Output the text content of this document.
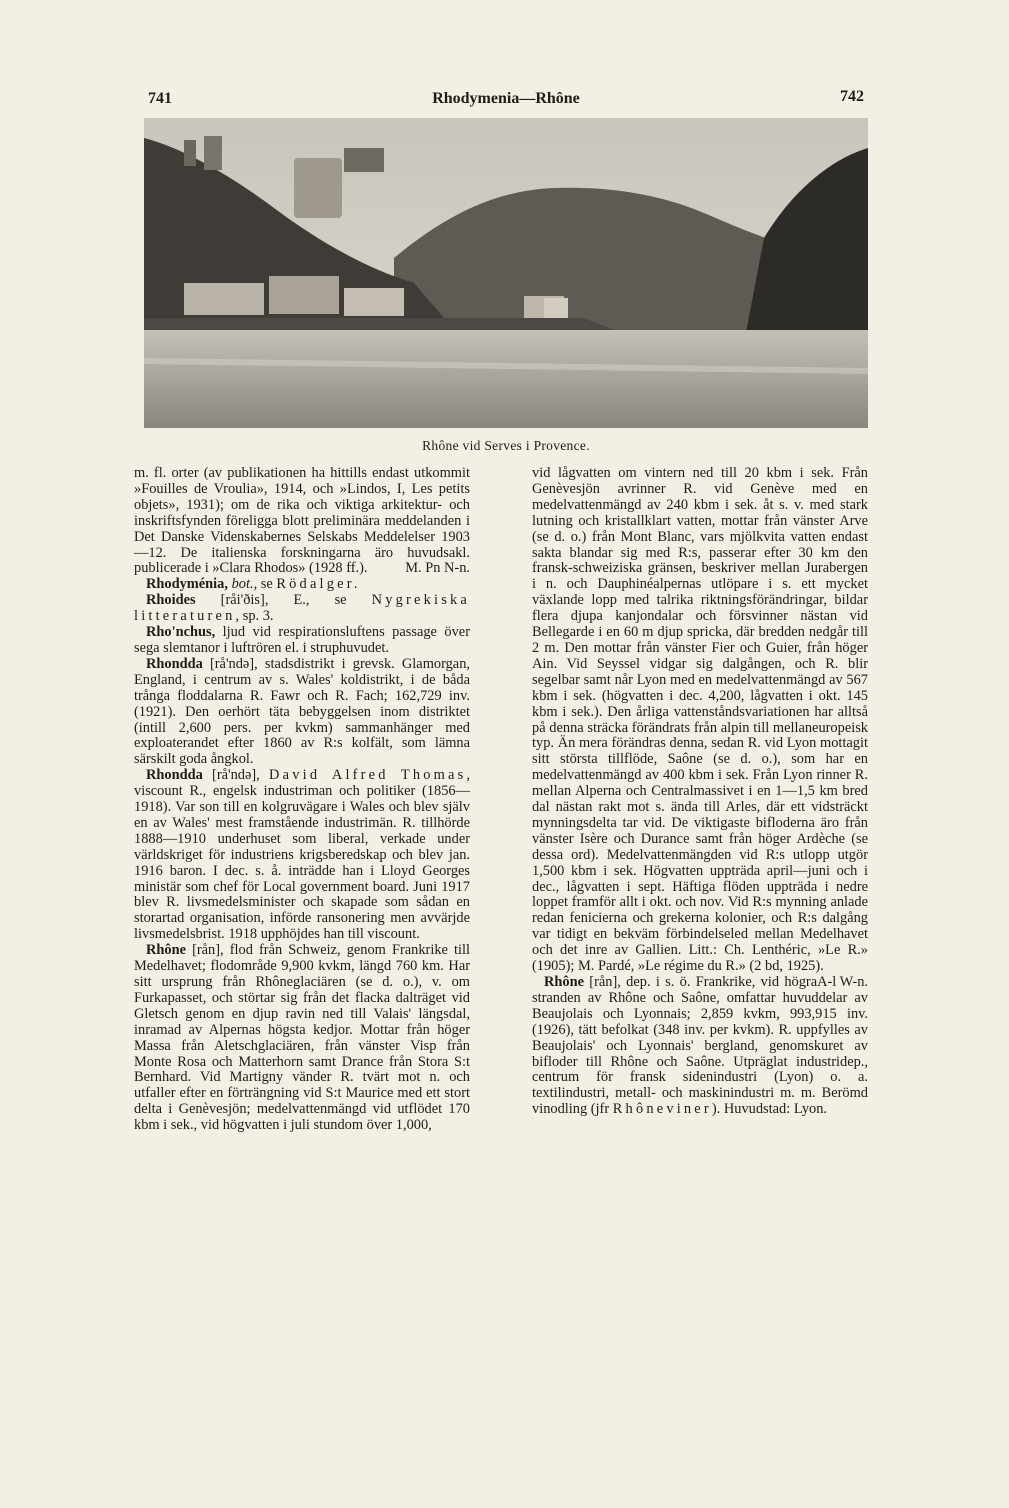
741	Rhodymenia—Rhône	742
Rhône vid Serves i Provence.

m. fl. orter (av publikationen ha hittills endast utkommit »Fouilles de Vroulia», 1914, och »Lindos, I, Les petits objets», 1931); om de rika och viktiga arkitektur- och inskriftsfynden föreligga blott preliminära meddelanden i Det Danske Videnskabernes Selskabs Meddelelser 1903—12. De italienska forskningarna äro huvudsakl. publicerade i »Clara Rhodos» (1928 ff.).	M. Pn N-n.

Rhodyménia, bot., se Rödalger.

Rhoides [råi'ðis], E., se Nygrekiska litteraturen, sp. 3.

Rho'nchus, ljud vid respirationsluftens passage över sega slemtanor i luftrören el. i struphuvudet.

Rhondda [rå'ndə], stadsdistrikt i grevsk. Glamorgan, England, i centrum av s. Wales' koldistrikt, i de båda trånga floddalarna R. Fawr och R. Fach; 162,729 inv. (1921). Den oerhört täta bebyggelsen inom distriktet (intill 2,600 pers. per kvkm) sammanhänger med exploaterandet efter 1860 av R:s kolfält, som lämna särskilt goda ångkol.

Rhondda [rå'ndə], David Alfred Thomas, viscount R., engelsk industriman och politiker (1856—1918). Var son till en kolgruvägare i Wales och blev själv en av Wales' mest framstående industrimän. R. tillhörde 1888—1910 underhuset som liberal, verkade under världskriget för industriens krigsberedskap och blev jan. 1916 baron. I dec. s. å. inträdde han i Lloyd Georges ministär som chef för Local government board. Juni 1917 blev R. livsmedelsminister och skapade som sådan en storartad organisation, införde ransonering men avvärjde livsmedelsbrist. 1918 upphöjdes han till viscount.

Rhône [rån], flod från Schweiz, genom Frankrike till Medelhavet; flodområde 9,900 kvkm, längd 760 km. Har sitt ursprung från Rhôneglaciären (se d. o.), v. om Furkapasset, och störtar sig från det flacka dalträget vid Gletsch genom en djup ravin ned till Valais' längsdal, inramad av Alpernas högsta kedjor. Mottar från höger Massa från Aletschglaciären, från vänster Visp från Monte Rosa och Matterhorn samt Drance från Stora S:t Bernhard. Vid Martigny vänder R. tvärt mot n. och utfaller efter en förträngning vid S:t Maurice med ett stort delta i Genèvesjön; medelvattenmängd vid utflödet 170 kbm i sek., vid högvatten i juli stundom över 1,000,

vid lågvatten om vintern ned till 20 kbm i sek. Från Genèvesjön avrinner R. vid Genève med en medelvattenmängd av 240 kbm i sek. åt s. v. med stark lutning och kristallklart vatten, mottar från vänster Arve (se d. o.) från Mont Blanc, vars mjölkvita vatten endast sakta blandar sig med R:s, passerar efter 30 km den fransk-schweiziska gränsen, beskriver mellan Jurabergen i n. och Dauphinéalpernas utlöpare i s. ett mycket växlande lopp med talrika riktningsförändringar, bildar flera djupa kanjondalar och försvinner nästan vid Bellegarde i en 60 m djup spricka, där bredden nedgår till 2 m. Den mottar från vänster Fier och Guier, från höger Ain. Vid Seyssel vidgar sig dalgången, och R. blir segelbar samt når Lyon med en medelvattenmängd av 567 kbm i sek. (högvatten i dec. 4,200, lågvatten i okt. 145 kbm i sek.). Den årliga vattenståndsvariationen har alltså på denna sträcka förändrats från alpin till mellaneuropeisk typ. Än mera förändras denna, sedan R. vid Lyon mottagit sitt största tillflöde, Saône (se d. o.), som har en medelvattenmängd av 400 kbm i sek. Från Lyon rinner R. mellan Alperna och Centralmassivet i en 1—1,5 km bred dal nästan rakt mot s. ända till Arles, där ett vidsträckt mynningsdelta tar vid. De viktigaste biflodernа äro från vänster Isère och Durance samt från höger Ardèche (se dessa ord). Medelvattenmängden vid R:s utlopp utgör 1,500 kbm i sek. Högvatten uppträda april—juni och i dec., lågvatten i sept. Häftiga flöden uppträda i nedre loppet framför allt i okt. och nov. Vid R:s mynning anlade redan fenicierna och grekerna kolonier, och R:s dalgång var tidigt en bekväm förbindelseled mellan Medelhavet och det inre av Gallien. Litt.: Ch. Lenthéric, »Le R.» (1905); M. Pardé, »Le régime du R.» (2 bd, 1925).
A-l W-n.

Rhône [rån], dep. i s. ö. Frankrike, vid högra stranden av Rhône och Saône, omfattar huvuddelar av Beaujolais och Lyonnais; 2,859 kvkm, 993,915 inv. (1926), tätt befolkat (348 inv. per kvkm). R. uppfylles av Beaujolais' och Lyonnais' bergland, genomskuret av bifloder till Rhône och Saône. Utpräglat industridep., centrum för fransk sidenindustri (Lyon) o. a. textilindustri, metall- och maskinindustri m. m. Berömd vinodling (jfr Rhôneviner). Huvudstad: Lyon.
